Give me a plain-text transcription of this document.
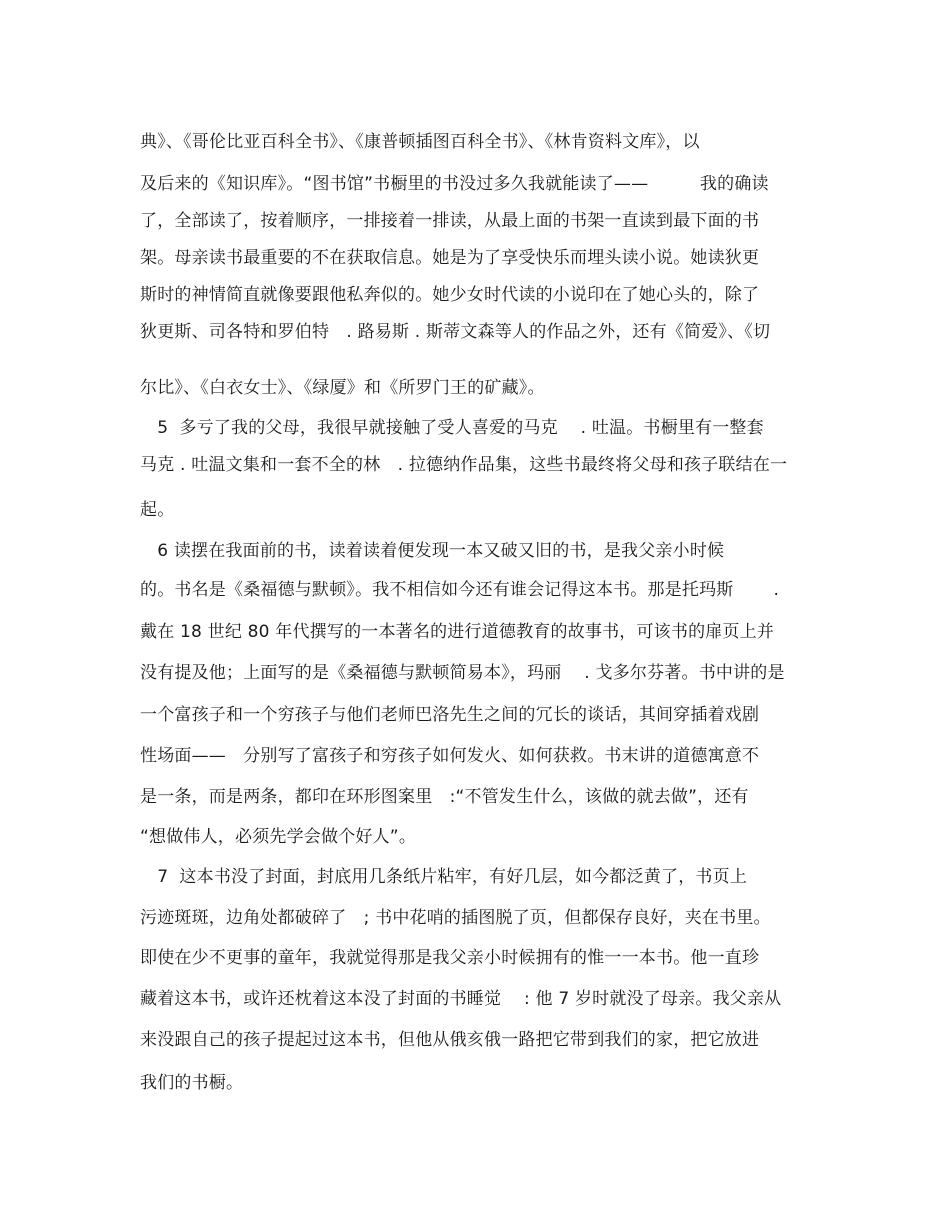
典》、《哥伦比亚百科全书》、《康普顿插图百科全书》、《林肯资料文库》，以
及后来的《知识库》。“图书馆”书橱里的书没过多久我就能读了——　　　我的确读
了，全部读了，按着顺序，一排接着一排读，从最上面的书架一直读到最下面的书
架。母亲读书最重要的不在获取信息。她是为了享受快乐而埋头读小说。她读狄更
斯时的神情简直就像要跟他私奔似的。她少女时代读的小说印在了她心头的，除了
狄更斯、司各特和罗伯特　. 路易斯 . 斯蒂文森等人的作品之外，还有《简爱》、《切
尔比》、《白衣女士》、《绿厦》和《所罗门王的矿藏》。
　5  多亏了我的父母，我很早就接触了受人喜爱的马克　 . 吐温。书橱里有一整套
马克 . 吐温文集和一套不全的林　. 拉德纳作品集，这些书最终将父母和孩子联结在一
起。
　6 读摆在我面前的书，读着读着便发现一本又破又旧的书，是我父亲小时候
的。书名是《桑福德与默顿》。我不相信如今还有谁会记得这本书。那是托玛斯　　 .
戴在 18 世纪 80 年代撰写的一本著名的进行道德教育的故事书，可该书的扉页上并
没有提及他；上面写的是《桑福德与默顿简易本》，玛丽　 . 戈多尔芬著。书中讲的是
一个富孩子和一个穷孩子与他们老师巴洛先生之间的冗长的谈话，其间穿插着戏剧
性场面——　分别写了富孩子和穷孩子如何发火、如何获救。书末讲的道德寓意不
是一条，而是两条，都印在环形图案里　:“不管发生什么，该做的就去做”，还有
“想做伟人，必须先学会做个好人”。
　7  这本书没了封面，封底用几条纸片粘牢，有好几层，如今都泛黄了，书页上
污迹斑斑，边角处都破碎了　; 书中花哨的插图脱了页，但都保存良好，夹在书里。
即使在少不更事的童年，我就觉得那是我父亲小时候拥有的惟一一本书。他一直珍
藏着这本书，或许还枕着这本没了封面的书睡觉　 : 他 7 岁时就没了母亲。我父亲从
来没跟自己的孩子提起过这本书，但他从俄亥俄一路把它带到我们的家，把它放进
我们的书橱。
